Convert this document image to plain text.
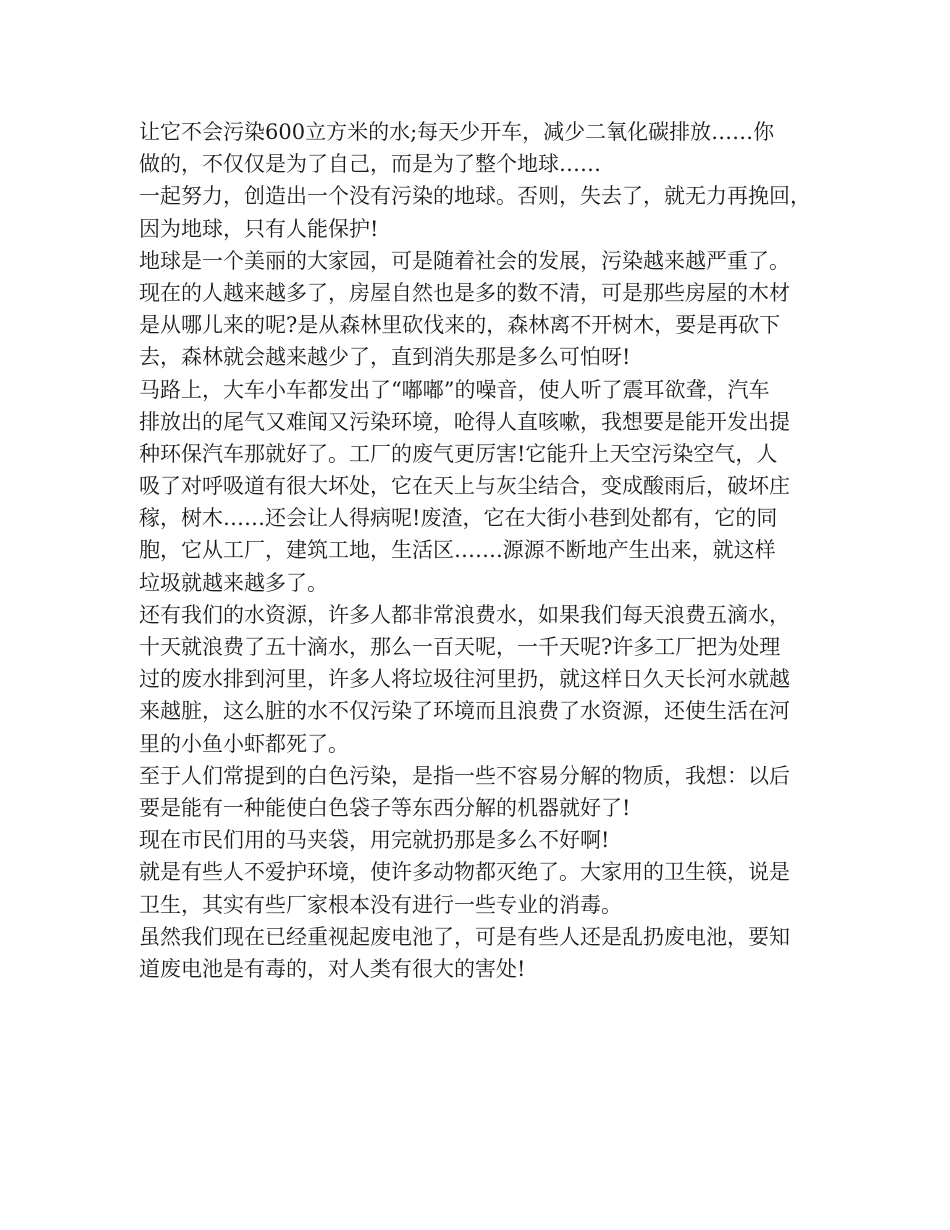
让它不会污染600立方米的水;每天少开车，减少二氧化碳排放……你
做的，不仅仅是为了自己，而是为了整个地球……
一起努力，创造出一个没有污染的地球。否则，失去了，就无力再挽回，
因为地球，只有人能保护!
地球是一个美丽的大家园，可是随着社会的发展，污染越来越严重了。
现在的人越来越多了，房屋自然也是多的数不清，可是那些房屋的木材
是从哪儿来的呢?是从森林里砍伐来的，森林离不开树木，要是再砍下
去，森林就会越来越少了，直到消失那是多么可怕呀!
马路上，大车小车都发出了“嘟嘟”的噪音，使人听了震耳欲聋，汽车
排放出的尾气又难闻又污染环境，呛得人直咳嗽，我想要是能开发出提
种环保汽车那就好了。工厂的废气更厉害!它能升上天空污染空气，人
吸了对呼吸道有很大坏处，它在天上与灰尘结合，变成酸雨后，破坏庄
稼，树木……还会让人得病呢!废渣，它在大街小巷到处都有，它的同
胞，它从工厂，建筑工地，生活区…….源源不断地产生出来，就这样
垃圾就越来越多了。
还有我们的水资源，许多人都非常浪费水，如果我们每天浪费五滴水，
十天就浪费了五十滴水，那么一百天呢，一千天呢?许多工厂把为处理
过的废水排到河里，许多人将垃圾往河里扔，就这样日久天长河水就越
来越脏，这么脏的水不仅污染了环境而且浪费了水资源，还使生活在河
里的小鱼小虾都死了。
至于人们常提到的白色污染，是指一些不容易分解的物质，我想：以后
要是能有一种能使白色袋子等东西分解的机器就好了!
现在市民们用的马夹袋，用完就扔那是多么不好啊!
就是有些人不爱护环境，使许多动物都灭绝了。大家用的卫生筷，说是
卫生，其实有些厂家根本没有进行一些专业的消毒。
虽然我们现在已经重视起废电池了，可是有些人还是乱扔废电池，要知
道废电池是有毒的，对人类有很大的害处!
